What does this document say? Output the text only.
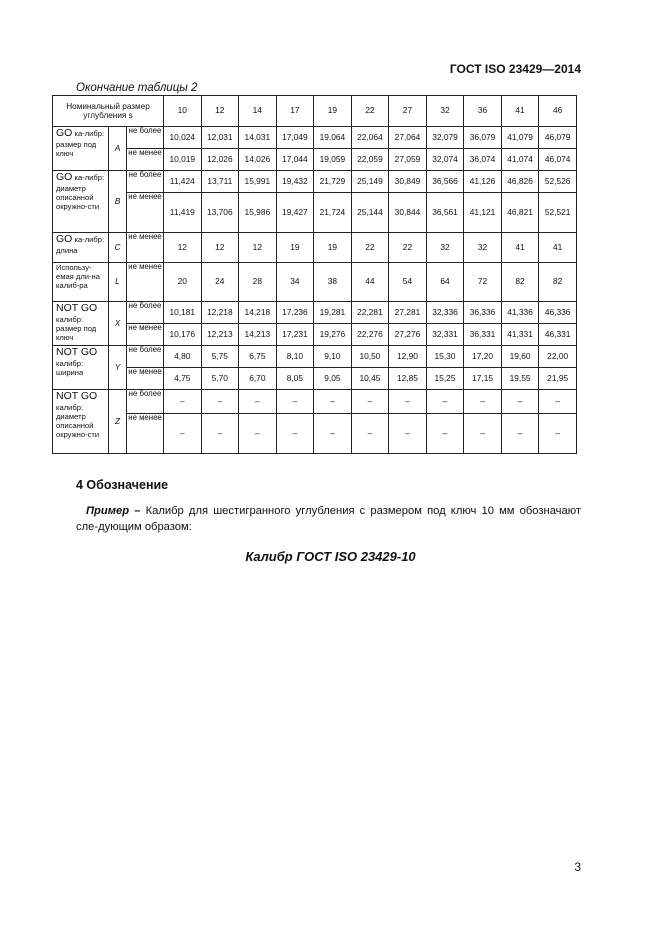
ГОСТ ISO 23429—2014
Окончание таблицы 2
Номинальный размер углубления s			10	12	14	17	19	22	27	32	36	41	46
GO ка-либр: размер под ключ	A	не более	10,024	12,031	14,031	17,049	19,064	22,064	27,064	32,079	36,079	41,079	46,079
		не менее	10,019	12,026	14,026	17,044	19,059	22,059	27,059	32,074	36,074	41,074	46,074
GO ка-либр: диаметр описанной окружно-сти	B	не более	11,424	13,711	15,991	19,432	21,729	25,149	30,849	36,566	41,126	46,826	52,526
		не менее	11,419	13,706	15,986	19,427	21,724	25,144	30,844	36,561	41,121	46,821	52,521
GO ка-либр: длина	C	не менее	12	12	12	19	19	22	22	32	32	41	41
Использу-емая дли-на калиб-ра	L	не менее	20	24	28	34	38	44	54	64	72	82	82
NOT GO калибр: размер под ключ	X	не более	10,181	12,218	14,218	17,236	19,281	22,281	27,281	32,336	36,336	41,336	46,336
		не менее	10,176	12,213	14,213	17,231	19,276	22,276	27,276	32,331	36,331	41,331	46,331
NOT GO калибр: ширина	Y	не более	4,80	5,75	6,75	8,10	9,10	10,50	12,90	15,30	17,20	19,60	22,00
		не менее	4,75	5,70	6,70	8,05	9,05	10,45	12,85	15,25	17,15	19,55	21,95
NOT GO калибр: диаметр описанной окружно-сти	Z	не более	–	–	–	–	–	–	–	–	–	–	–
		не менее	–	–	–	–	–	–	–	–	–	–	–
4 Обозначение
Пример – Калибр для шестигранного углубления с размером под ключ 10 мм обозначают сле-дующим образом:
Калибр ГОСТ ISO 23429-10
3
